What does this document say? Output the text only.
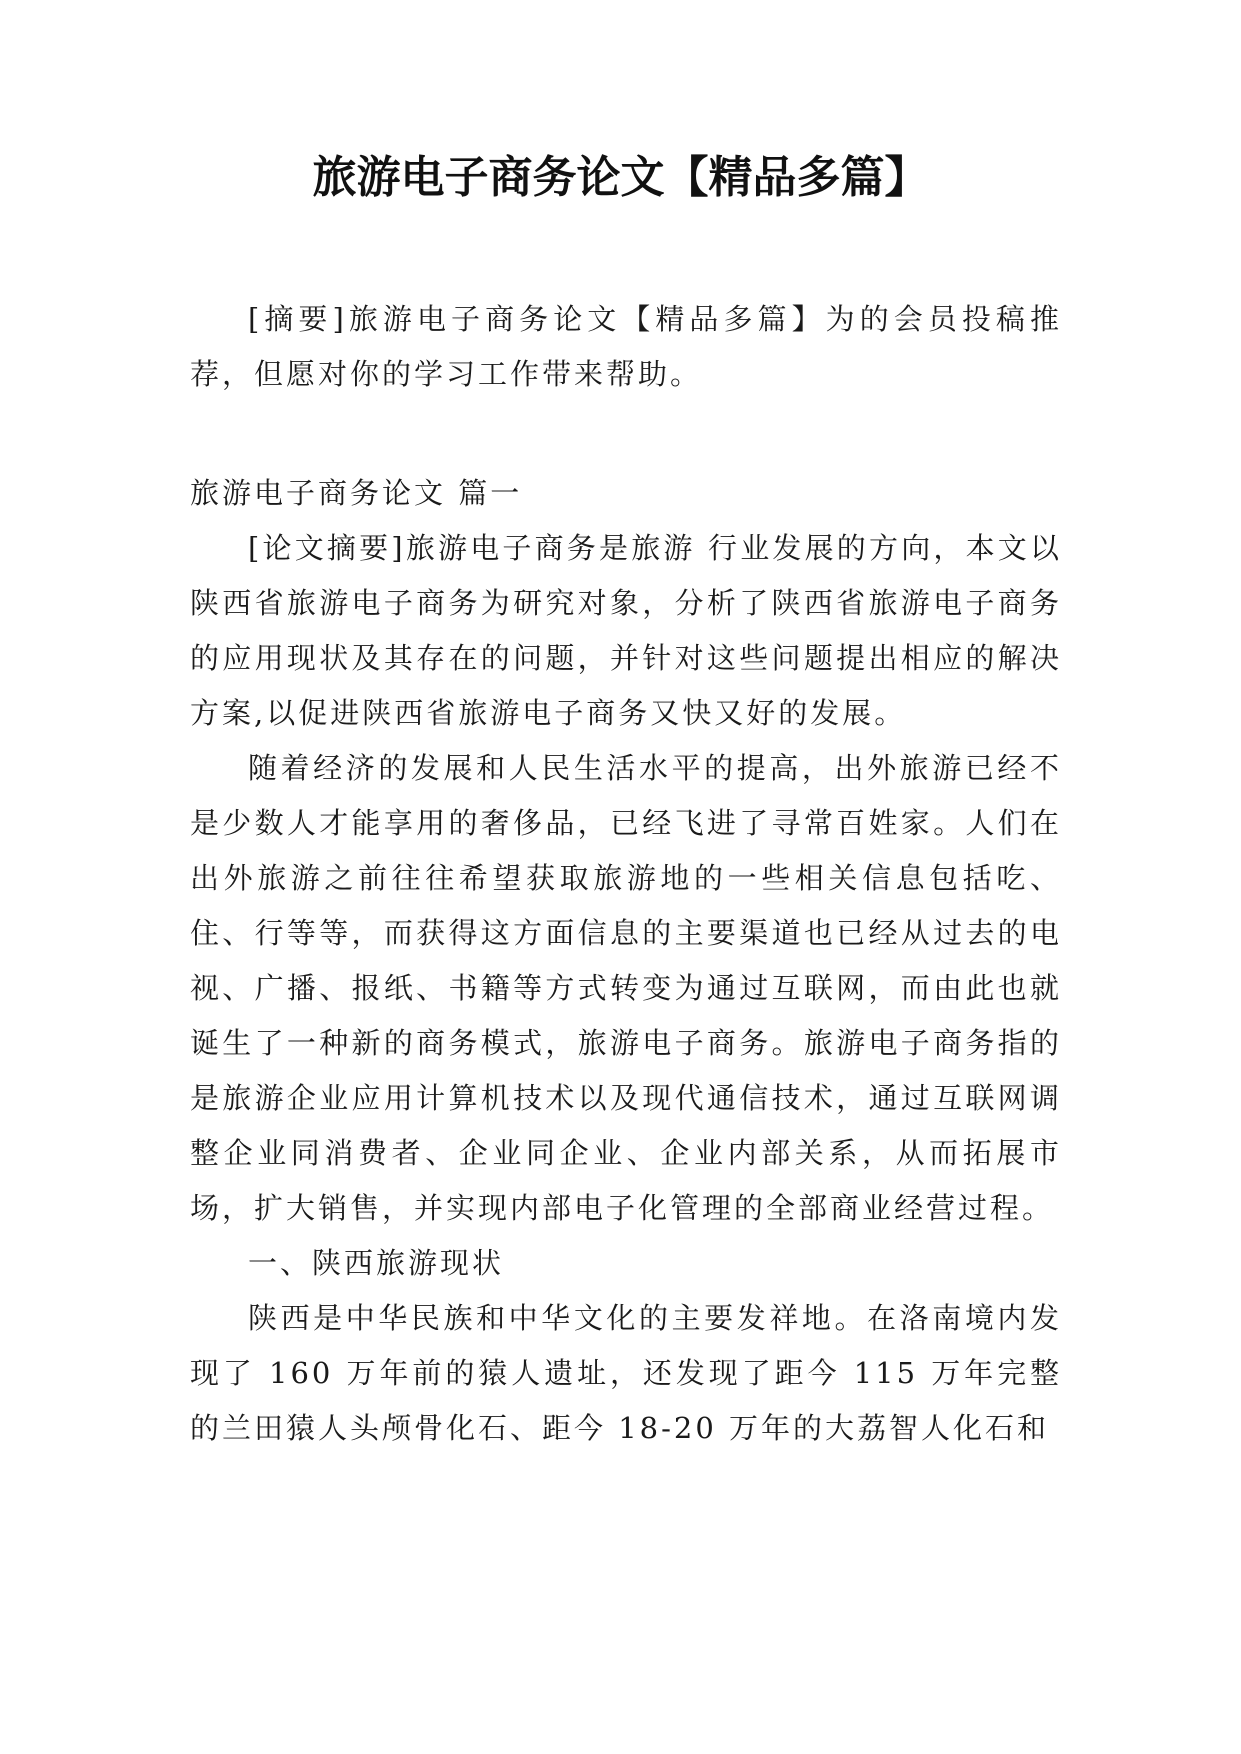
旅游电子商务论文【精品多篇】

[摘要]旅游电子商务论文【精品多篇】为的会员投稿推荐，但愿对你的学习工作带来帮助。

旅游电子商务论文 篇一

[论文摘要]旅游电子商务是旅游 行业发展的方向，本文以陕西省旅游电子商务为研究对象，分析了陕西省旅游电子商务的应用现状及其存在的问题，并针对这些问题提出相应的解决方案,以促进陕西省旅游电子商务又快又好的发展。

随着经济的发展和人民生活水平的提高，出外旅游已经不是少数人才能享用的奢侈品，已经飞进了寻常百姓家。人们在出外旅游之前往往希望获取旅游地的一些相关信息包括吃、住、行等等，而获得这方面信息的主要渠道也已经从过去的电视、广播、报纸、书籍等方式转变为通过互联网，而由此也就诞生了一种新的商务模式，旅游电子商务。旅游电子商务指的是旅游企业应用计算机技术以及现代通信技术，通过互联网调整企业同消费者、企业同企业、企业内部关系，从而拓展市场，扩大销售，并实现内部电子化管理的全部商业经营过程。

一、陕西旅游现状

陕西是中华民族和中华文化的主要发祥地。在洛南境内发现了 160 万年前的猿人遗址，还发现了距今 115 万年完整的兰田猿人头颅骨化石、距今 18-20 万年的大荔智人化石和
